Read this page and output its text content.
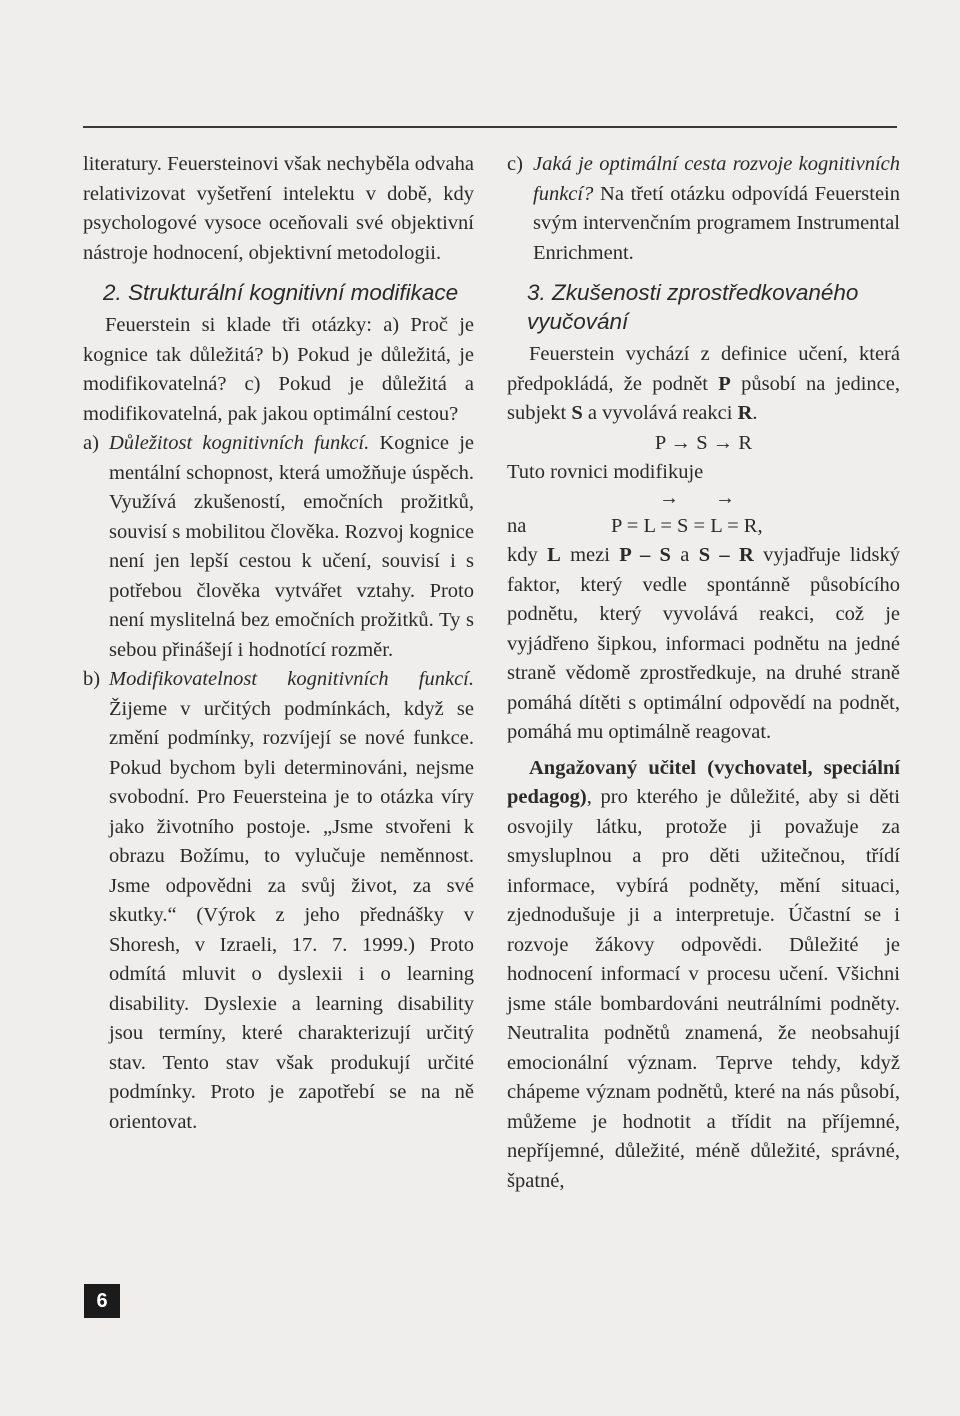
literatury. Feuersteinovi však nechyběla odvaha relativizovat vyšetření intelektu v době, kdy psychologové vysoce oceňovali své objektivní nástroje hodnocení, objektivní metodologii.

2. Strukturální kognitivní modifikace

Feuerstein si klade tři otázky: a) Proč je kognice tak důležitá? b) Pokud je důležitá, je modifikovatelná? c) Pokud je důležitá a modifikovatelná, pak jakou optimální cestou?

a) Důležitost kognitivních funkcí. Kognice je mentální schopnost, která umožňuje úspěch. Využívá zkušeností, emočních prožitků, souvisí s mobilitou člověka. Rozvoj kognice není jen lepší cestou k učení, souvisí i s potřebou člověka vytvářet vztahy. Proto není myslitelná bez emočních prožitků. Ty s sebou přinášejí i hodnotící rozměr.
b) Modifikovatelnost kognitivních funkcí. Žijeme v určitých podmínkách, když se změní podmínky, rozvíjejí se nové funkce. Pokud bychom byli determinováni, nejsme svobodní. Pro Feuersteina je to otázka víry jako životního postoje. „Jsme stvořeni k obrazu Božímu, to vylučuje neměnnost. Jsme odpovědni za svůj život, za své skutky.“ (Výrok z jeho přednášky v Shoresh, v Izraeli, 17. 7. 1999.) Proto odmítá mluvit o dyslexii i o learning disability. Dyslexie a learning disability jsou termíny, které charakterizují určitý stav. Tento stav však produkují určité podmínky. Proto je zapotřebí se na ně orientovat.
c) Jaká je optimální cesta rozvoje kognitivních funkcí? Na třetí otázku odpovídá Feuerstein svým intervenčním programem Instrumental Enrichment.
3. Zkušenosti zprostředkovaného vyučování

Feuerstein vychází z definice učení, která předpokládá, že podnět P působí na jedince, subjekt S a vyvolává reakci R.

P → S → R

Tuto rovnici modifikuje

→ →
na	P = L = S = L = R,

kdy L mezi P – S a S – R vyjadřuje lidský faktor, který vedle spontánně působícího podnětu, který vyvolává reakci, což je vyjádřeno šipkou, informaci podnětu na jedné straně vědomě zprostředkuje, na druhé straně pomáhá dítěti s optimální odpovědí na podnět, pomáhá mu optimálně reagovat.

Angažovaný učitel (vychovatel, speciální pedagog), pro kterého je důležité, aby si děti osvojily látku, protože ji považuje za smysluplnou a pro děti užitečnou, třídí informace, vybírá podněty, mění situaci, zjednodušuje ji a interpretuje. Účastní se i rozvoje žákovy odpovědi. Důležité je hodnocení informací v procesu učení. Všichni jsme stále bombardováni neutrálními podněty. Neutralita podnětů znamená, že neobsahují emocionální význam. Teprve tehdy, když chápeme význam podnětů, které na nás působí, můžeme je hodnotit a třídit na příjemné, nepříjemné, důležité, méně důležité, správné, špatné,

6
